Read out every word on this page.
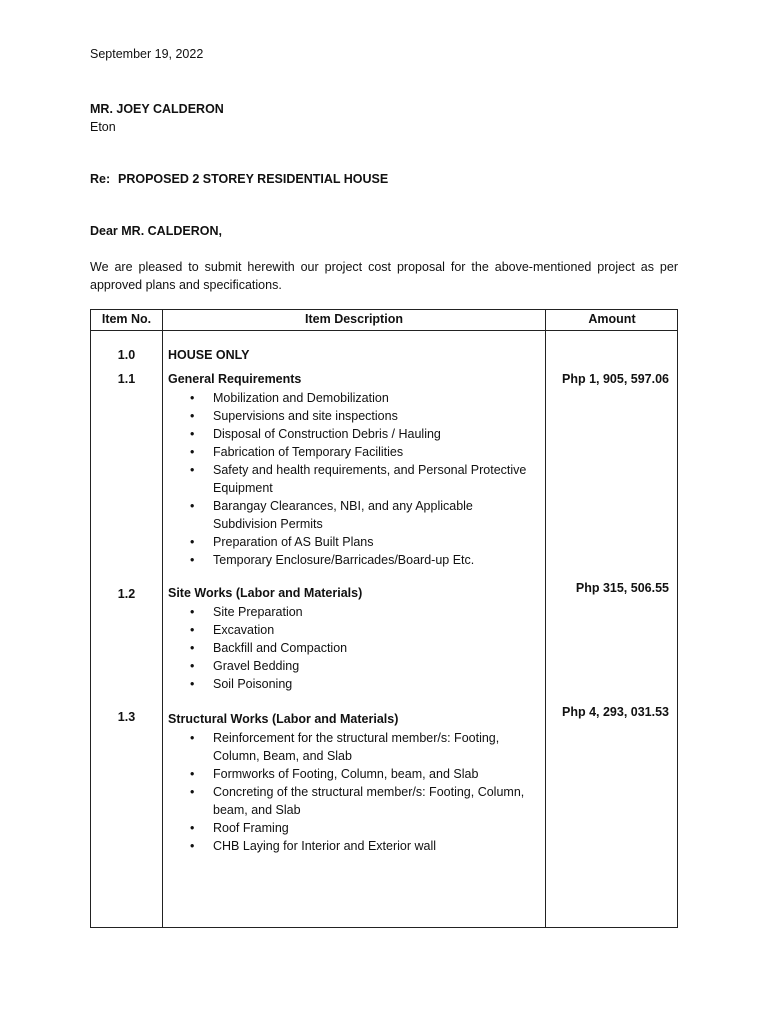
September 19, 2022
MR. JOEY CALDERON
Eton
Re: PROPOSED 2 STOREY RESIDENTIAL HOUSE
Dear MR. CALDERON,
We are pleased to submit herewith our project cost proposal for the above-mentioned project as per approved plans and specifications.
Item No.	Item Description	Amount
1.0	HOUSE ONLY
1.1	General Requirements	Php 1, 905, 597.06
• Mobilization and Demobilization
• Supervisions and site inspections
• Disposal of Construction Debris / Hauling
• Fabrication of Temporary Facilities
• Safety and health requirements, and Personal Protective Equipment
• Barangay Clearances, NBI, and any Applicable Subdivision Permits
• Preparation of AS Built Plans
• Temporary Enclosure/Barricades/Board-up Etc.
1.2	Site Works (Labor and Materials)	Php 315, 506.55
• Site Preparation
• Excavation
• Backfill and Compaction
• Gravel Bedding
• Soil Poisoning
1.3	Structural Works (Labor and Materials)	Php 4, 293, 031.53
• Reinforcement for the structural member/s: Footing, Column, Beam, and Slab
• Formworks of Footing, Column, beam, and Slab
• Concreting of the structural member/s: Footing, Column, beam, and Slab
• Roof Framing
• CHB Laying for Interior and Exterior wall
